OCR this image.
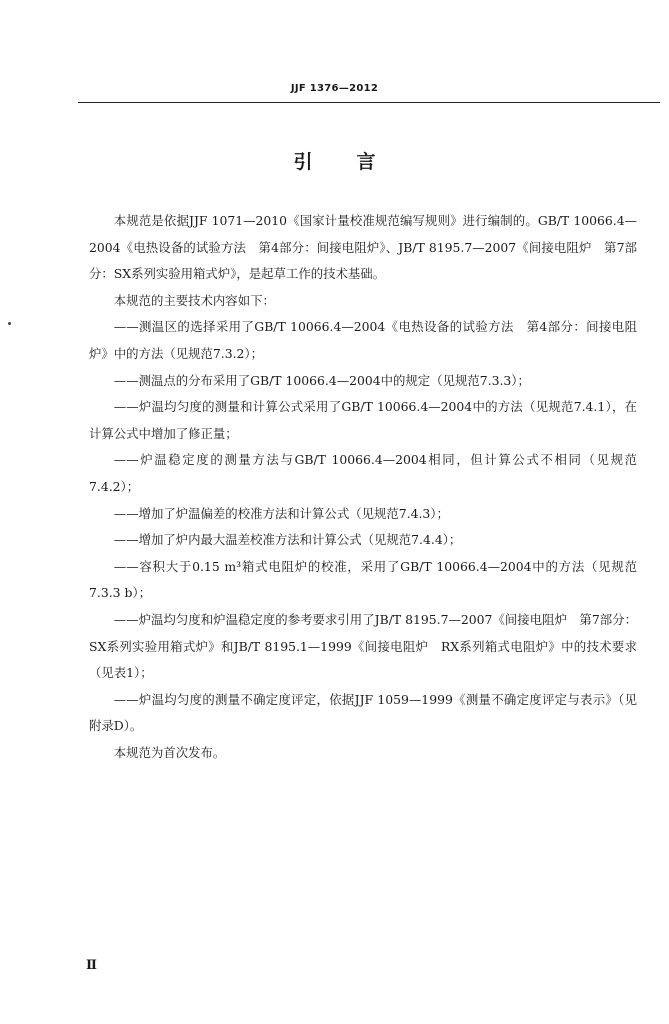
JJF 1376—2012
引言

本规范是依据JJF 1071—2010《国家计量校准规范编写规则》进行编制的。GB/T 10066.4—2004《电热设备的试验方法　第4部分：间接电阻炉》、JB/T 8195.7—2007《间接电阻炉　第7部分：SX系列实验用箱式炉》，是起草工作的技术基础。

本规范的主要技术内容如下：

——测温区的选择采用了GB/T 10066.4—2004《电热设备的试验方法　第4部分：间接电阻炉》中的方法（见规范7.3.2）；

——测温点的分布采用了GB/T 10066.4—2004中的规定（见规范7.3.3）；

——炉温均匀度的测量和计算公式采用了GB/T 10066.4—2004中的方法（见规范7.4.1），在计算公式中增加了修正量；

——炉温稳定度的测量方法与GB/T 10066.4—2004相同，但计算公式不相同（见规范7.4.2）；

——增加了炉温偏差的校准方法和计算公式（见规范7.4.3）；

——增加了炉内最大温差校准方法和计算公式（见规范7.4.4）；

——容积大于0.15 m³箱式电阻炉的校准，采用了GB/T 10066.4—2004中的方法（见规范7.3.3 b）；

——炉温均匀度和炉温稳定度的参考要求引用了JB/T 8195.7—2007《间接电阻炉　第7部分：SX系列实验用箱式炉》和JB/T 8195.1—1999《间接电阻炉　RX系列箱式电阻炉》中的技术要求（见表1）；

——炉温均匀度的测量不确定度评定，依据JJF 1059—1999《测量不确定度评定与表示》（见附录D）。

本规范为首次发布。

Ⅱ
